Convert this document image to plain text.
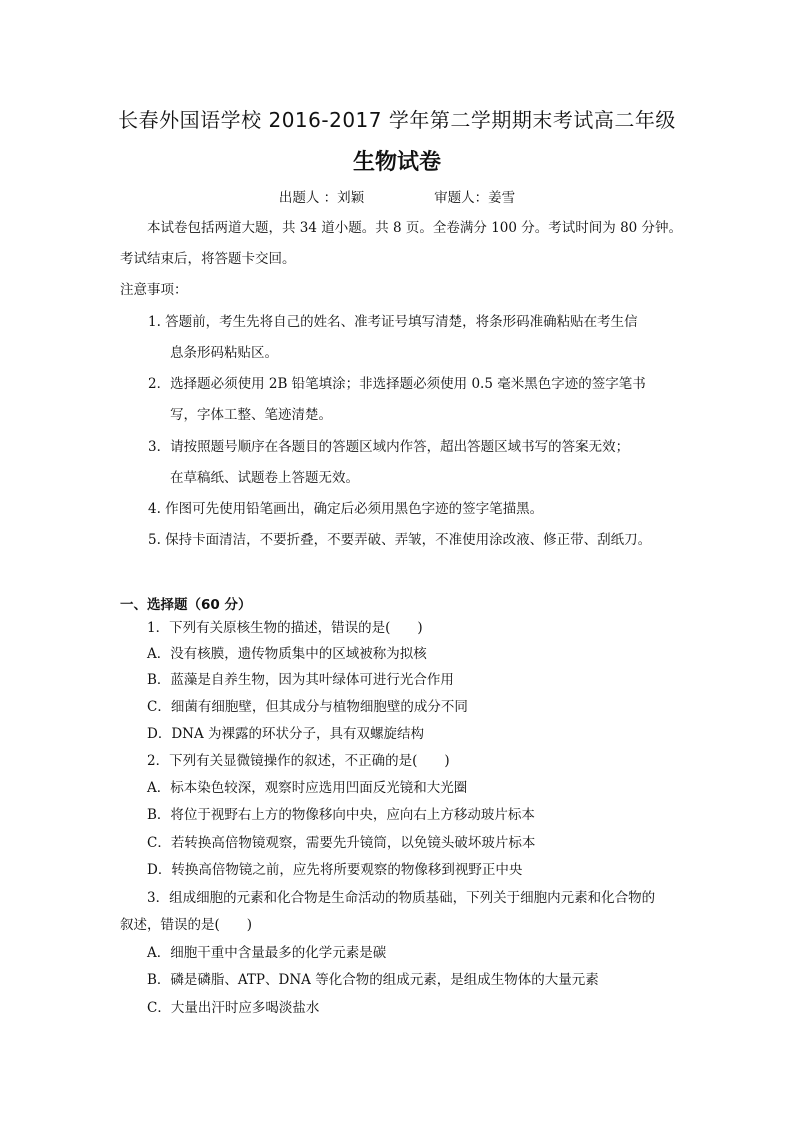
长春外国语学校 2016-2017 学年第二学期期末考试高二年级
生物试卷
出题人 ：刘颖	审题人：姜雪
本试卷包括两道大题，共 34 道小题。共 8 页。全卷满分 100 分。考试时间为 80 分钟。
考试结束后，将答题卡交回。
注意事项：
1. 答题前，考生先将自己的姓名、准考证号填写清楚，将条形码准确粘贴在考生信
息条形码粘贴区。
2．选择题必须使用 2B 铅笔填涂；非选择题必须使用 0.5 毫米黑色字迹的签字笔书
写，字体工整、笔迹清楚。
3．请按照题号顺序在各题目的答题区域内作答，超出答题区域书写的答案无效；
在草稿纸、试题卷上答题无效。
4. 作图可先使用铅笔画出，确定后必须用黑色字迹的签字笔描黑。
5. 保持卡面清洁，不要折叠，不要弄破、弄皱，不准使用涂改液、修正带、刮纸刀。
一、选择题（60 分）
1．下列有关原核生物的描述，错误的是(　　)
A．没有核膜，遗传物质集中的区域被称为拟核
B．蓝藻是自养生物，因为其叶绿体可进行光合作用
C．细菌有细胞壁，但其成分与植物细胞壁的成分不同
D．DNA 为裸露的环状分子，具有双螺旋结构
2．下列有关显微镜操作的叙述，不正确的是(　　)
A．标本染色较深，观察时应选用凹面反光镜和大光圈
B．将位于视野右上方的物像移向中央，应向右上方移动玻片标本
C．若转换高倍物镜观察，需要先升镜筒，以免镜头破坏玻片标本
D．转换高倍物镜之前，应先将所要观察的物像移到视野正中央
3．组成细胞的元素和化合物是生命活动的物质基础，下列关于细胞内元素和化合物的
叙述，错误的是(　　)
A．细胞干重中含量最多的化学元素是碳
B．磷是磷脂、ATP、DNA 等化合物的组成元素，是组成生物体的大量元素
C．大量出汗时应多喝淡盐水
